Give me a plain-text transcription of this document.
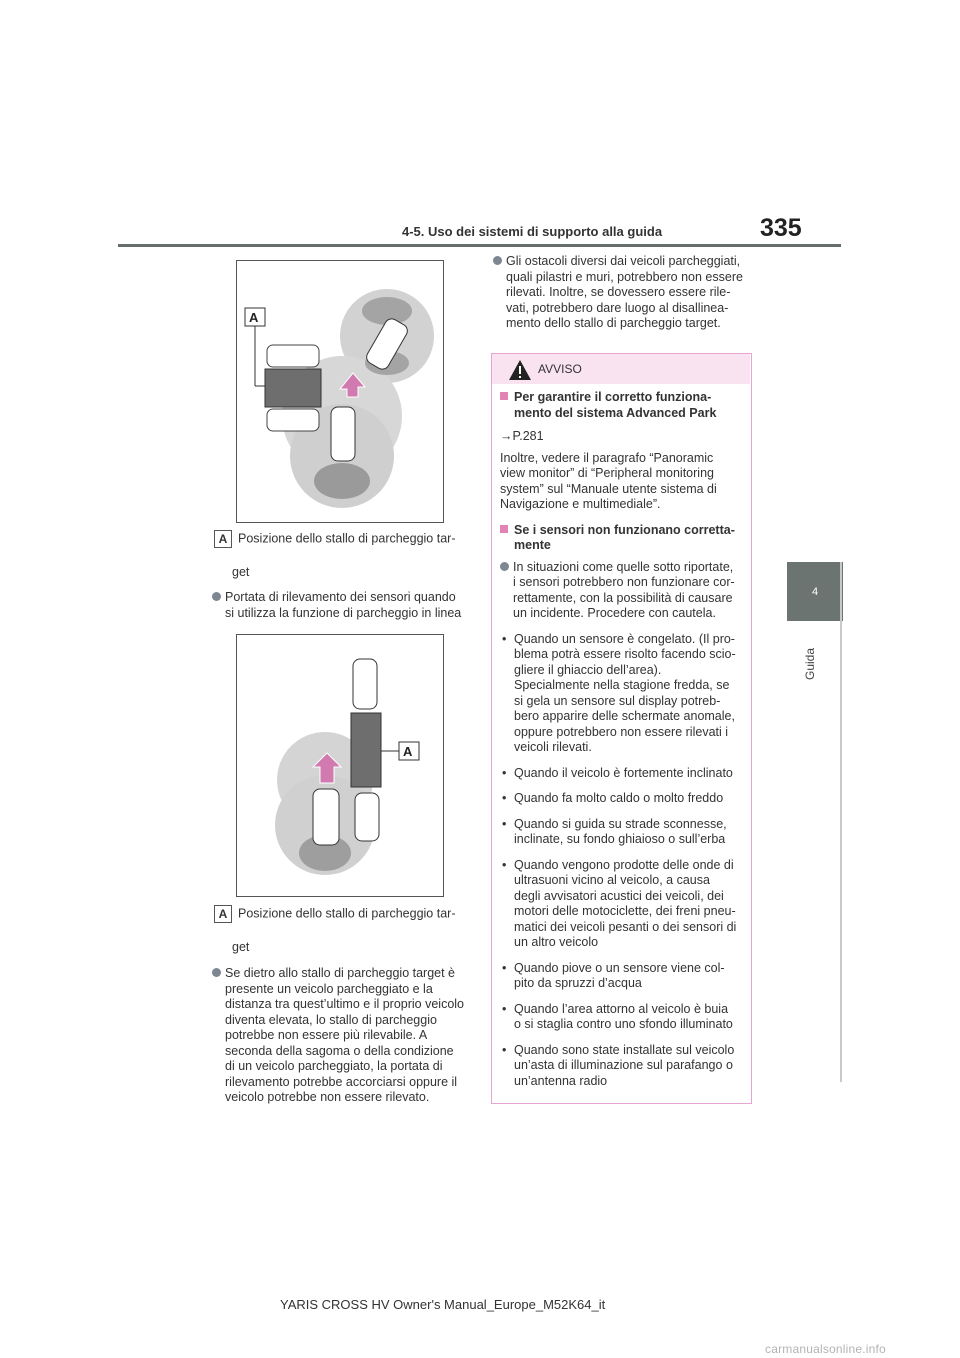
4-5. Uso dei sistemi di supporto alla guida	335
4
Guida
A
A Posizione dello stallo di parcheggio tar-
get
Portata di rilevamento dei sensori quando
si utilizza la funzione di parcheggio in linea
A
A Posizione dello stallo di parcheggio tar-
get
Se dietro allo stallo di parcheggio target è
presente un veicolo parcheggiato e la
distanza tra quest’ultimo e il proprio veicolo
diventa elevata, lo stallo di parcheggio
potrebbe non essere più rilevabile. A
seconda della sagoma o della condizione
di un veicolo parcheggiato, la portata di
rilevamento potrebbe accorciarsi oppure il
veicolo potrebbe non essere rilevato.
Gli ostacoli diversi dai veicoli parcheggiati,
quali pilastri e muri, potrebbero non essere
rilevati. Inoltre, se dovessero essere rile-
vati, potrebbero dare luogo al disallinea-
mento dello stallo di parcheggio target.
AVVISO
Per garantire il corretto funziona-
mento del sistema Advanced Park
→P.281
Inoltre, vedere il paragrafo “Panoramic
view monitor” di “Peripheral monitoring
system” sul “Manuale utente sistema di
Navigazione e multimediale”.
Se i sensori non funzionano corretta-
mente
In situazioni come quelle sotto riportate,
i sensori potrebbero non funzionare cor-
rettamente, con la possibilità di causare
un incidente. Procedere con cautela.
• Quando un sensore è congelato. (Il pro-
blema potrà essere risolto facendo scio-
gliere il ghiaccio dell’area).
Specialmente nella stagione fredda, se
si gela un sensore sul display potreb-
bero apparire delle schermate anomale,
oppure potrebbero non essere rilevati i
veicoli rilevati.
• Quando il veicolo è fortemente inclinato
• Quando fa molto caldo o molto freddo
• Quando si guida su strade sconnesse,
inclinate, su fondo ghiaioso o sull’erba
• Quando vengono prodotte delle onde di
ultrasuoni vicino al veicolo, a causa
degli avvisatori acustici dei veicoli, dei
motori delle motociclette, dei freni pneu-
matici dei veicoli pesanti o dei sensori di
un altro veicolo
• Quando piove o un sensore viene col-
pito da spruzzi d’acqua
• Quando l’area attorno al veicolo è buia
o si staglia contro uno sfondo illuminato
• Quando sono state installate sul veicolo
un’asta di illuminazione sul parafango o
un’antenna radio
YARIS CROSS HV Owner's Manual_Europe_M52K64_it
carmanualsonline.info
